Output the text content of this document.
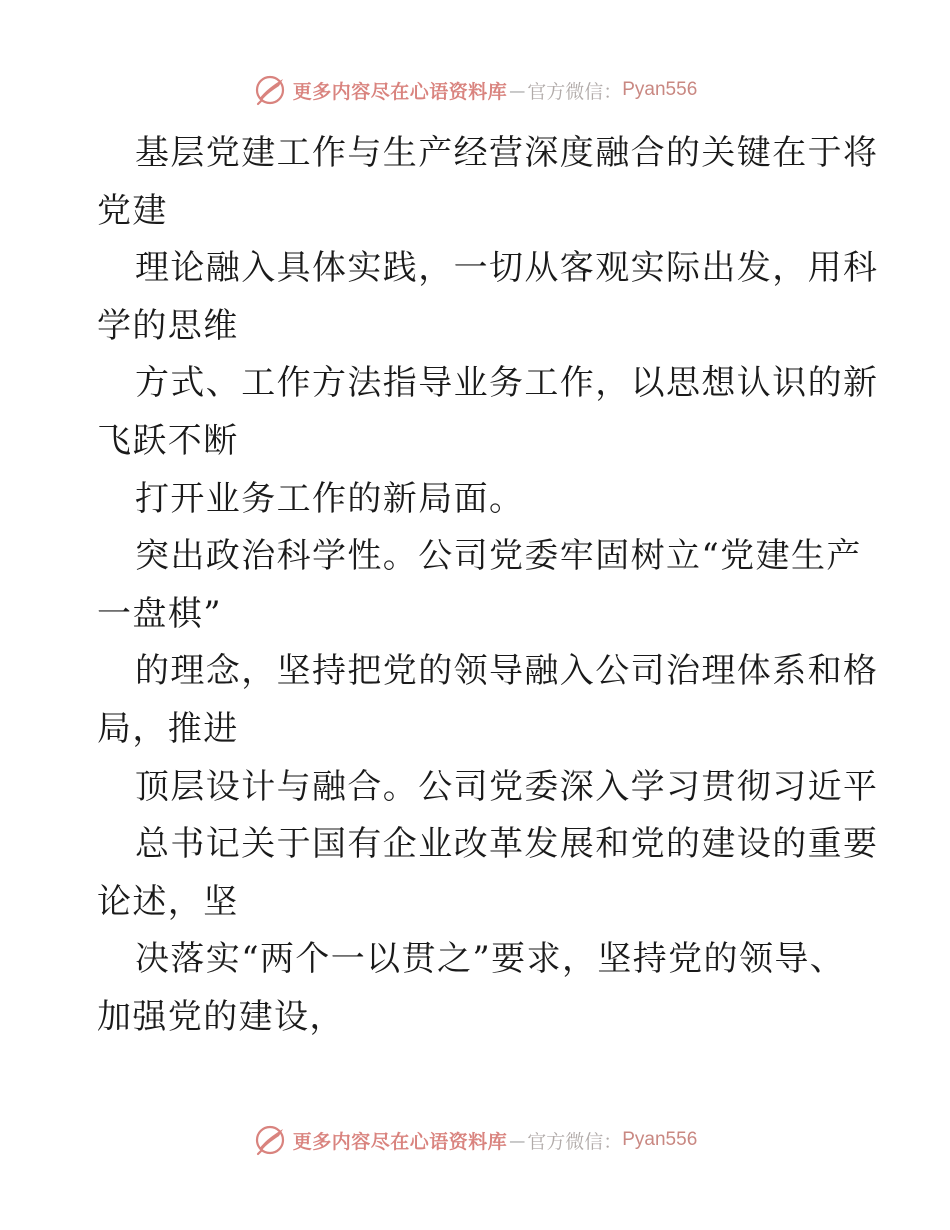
更多内容尽在心语资料库 — 官方微信： Pyan556
基层党建工作与生产经营深度融合的关键在于将
党建
理论融入具体实践，一切从客观实际出发，用科
学的思维
方式、工作方法指导业务工作，以思想认识的新
飞跃不断
打开业务工作的新局面。
突出政治科学性。公司党委牢固树立“党建生产
一盘棋”
的理念，坚持把党的领导融入公司治理体系和格
局，推进
顶层设计与融合。公司党委深入学习贯彻习近平
总书记关于国有企业改革发展和党的建设的重要
论述，坚
决落实“两个一以贯之”要求，坚持党的领导、
加强党的建设，
更多内容尽在心语资料库 — 官方微信： Pyan556
